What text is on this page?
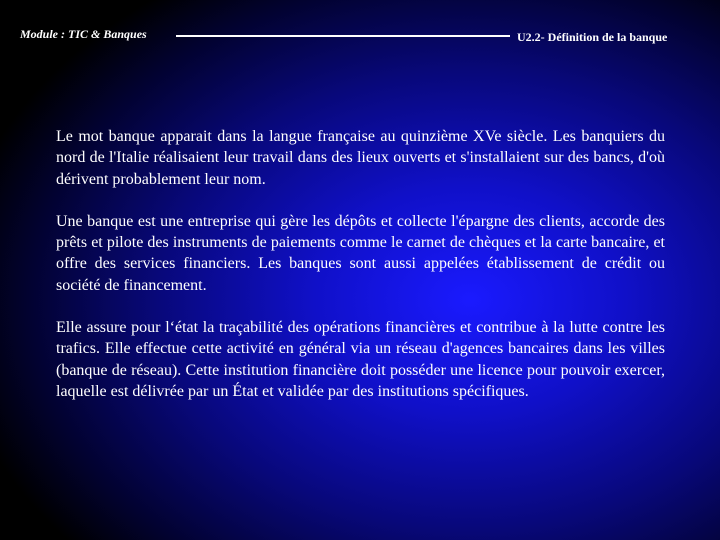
Module : TIC & Banques	U2.2- Définition de la banque

Le mot banque apparait dans la langue française au quinzième XVe siècle. Les banquiers du nord de l'Italie réalisaient leur travail dans des lieux ouverts et s'installaient sur des bancs, d'où dérivent probablement leur nom.

Une banque est une entreprise qui gère les dépôts et collecte l'épargne des clients, accorde des prêts et pilote des instruments de paiements comme le carnet de chèques et la carte bancaire, et offre des services financiers. Les banques sont aussi appelées établissement de crédit ou société de financement.

Elle assure pour l‘état la traçabilité des opérations financières et contribue à la lutte contre les trafics. Elle effectue cette activité en général via un réseau d'agences bancaires dans les villes (banque de réseau). Cette institution financière doit posséder une licence pour pouvoir exercer, laquelle est délivrée par un État et validée par des institutions spécifiques.
